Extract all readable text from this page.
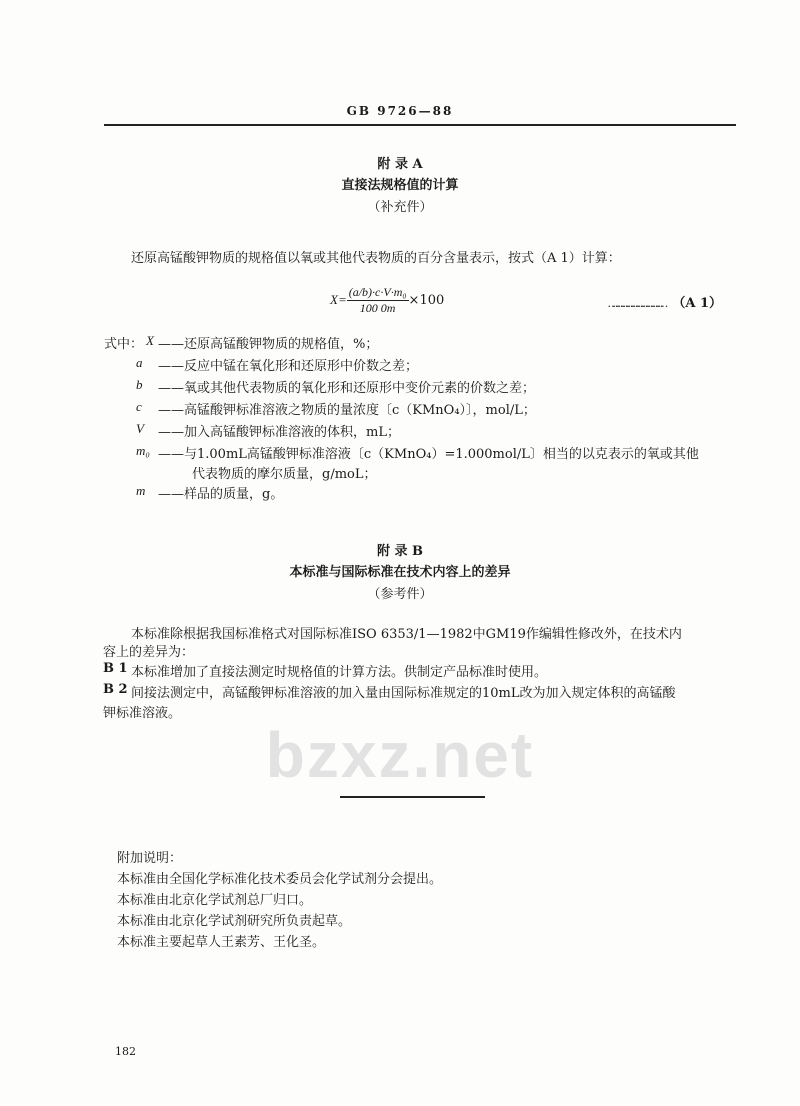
GB 9726—88
bzxz.net
附 录 A
直接法规格值的计算
（补充件）
还原高锰酸钾物质的规格值以氧或其他代表物质的百分含量表示，按式（A 1）计算：
$X= \frac{\text{(a/b)·c·V·m₀}}{100 0m} \times 100$	…………………………… （A 1）
式中： X ——还原高锰酸钾物质的规格值，%；
a ——反应中锰在氧化形和还原形中价数之差；
b ——氧或其他代表物质的氧化形和还原形中变价元素的价数之差；
c ——高锰酸钾标准溶液之物质的量浓度〔c（KMnO₄）〕，mol/L；
V ——加入高锰酸钾标准溶液的体积，mL；
m₀ ——与1.00mL高锰酸钾标准溶液〔c（KMnO₄）=1.000mol/L〕相当的以克表示的氧或其他
代表物质的摩尔质量，g/moL；
m ——样品的质量，g。
附 录 B
本标准与国际标准在技术内容上的差异
（参考件）
本标准除根据我国标准格式对国际标准ISO 6353/1—1982中GM19作编辑性修改外，在技术内
容上的差异为：
B 1 本标准增加了直接法测定时规格值的计算方法。供制定产品标准时使用。
B 2 间接法测定中，高锰酸钾标准溶液的加入量由国际标准规定的10mL改为加入规定体积的高锰酸
钾标准溶液。
附加说明：
本标准由全国化学标准化技术委员会化学试剂分会提出。
本标准由北京化学试剂总厂归口。
本标准由北京化学试剂研究所负责起草。
本标准主要起草人王素芳、王化圣。
182
